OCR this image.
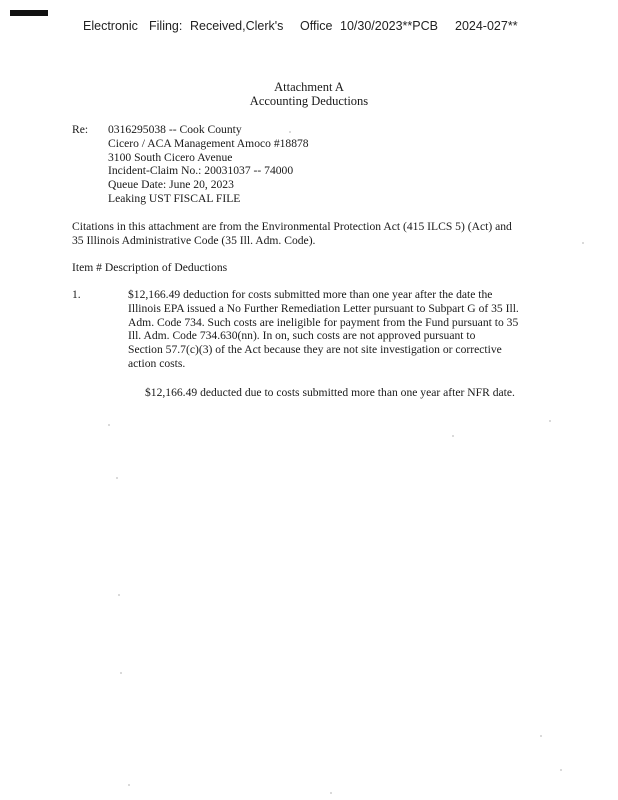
Electronic Filing: Received,Clerk's Office 10/30/2023**PCB 2024-027**
Attachment A
Accounting Deductions
Re: 0316295038 -- Cook County
Cicero / ACA Management Amoco #18878
3100 South Cicero Avenue
Incident-Claim No.: 20031037 -- 74000
Queue Date: June 20, 2023
Leaking UST FISCAL FILE
Citations in this attachment are from the Environmental Protection Act (415 ILCS 5) (Act) and
35 Illinois Administrative Code (35 Ill. Adm. Code).
Item # Description of Deductions
1.	$12,166.49 deduction for costs submitted more than one year after the date the
Illinois EPA issued a No Further Remediation Letter pursuant to Subpart G of 35 Ill.
Adm. Code 734. Such costs are ineligible for payment from the Fund pursuant to 35
Ill. Adm. Code 734.630(nn). In on, such costs are not approved pursuant to
Section 57.7(c)(3) of the Act because they are not site investigation or corrective
action costs.
$12,166.49 deducted due to costs submitted more than one year after NFR date.
